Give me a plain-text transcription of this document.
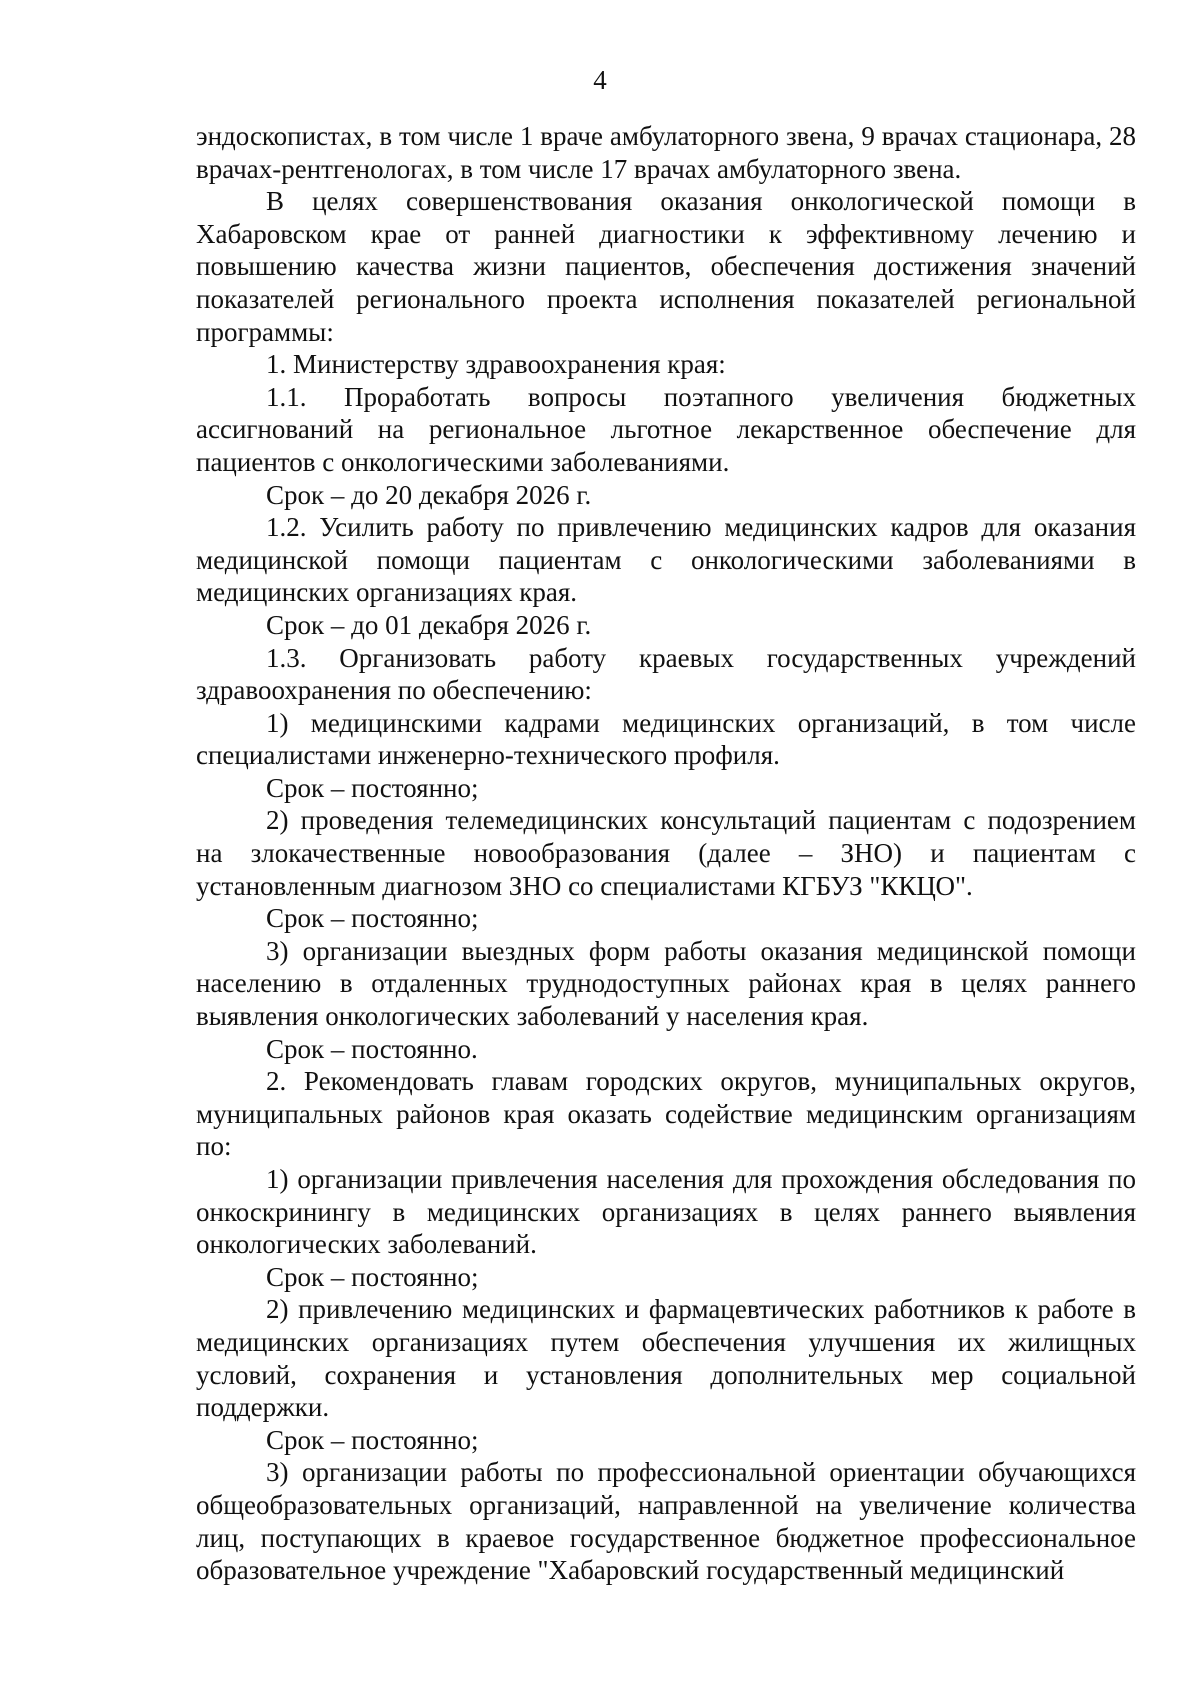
4

эндоскопистах, в том числе 1 враче амбулаторного звена, 9 врачах стационара, 28 врачах-рентгенологах, в том числе 17 врачах амбулаторного звена.

В целях совершенствования оказания онкологической помощи в Хабаровском крае от ранней диагностики к эффективному лечению и повышению качества жизни пациентов, обеспечения достижения значений показателей регионального проекта исполнения показателей региональной программы:

1. Министерству здравоохранения края:

1.1. Проработать вопросы поэтапного увеличения бюджетных ассигнований на региональное льготное лекарственное обеспечение для пациентов с онкологическими заболеваниями.

Срок – до 20 декабря 2026 г.

1.2. Усилить работу по привлечению медицинских кадров для оказания медицинской помощи пациентам с онкологическими заболеваниями в медицинских организациях края.

Срок – до 01 декабря 2026 г.

1.3. Организовать работу краевых государственных учреждений здравоохранения по обеспечению:

1) медицинскими кадрами медицинских организаций, в том числе специалистами инженерно-технического профиля.

Срок – постоянно;

2) проведения телемедицинских консультаций пациентам с подозрением на злокачественные новообразования (далее – ЗНО) и пациентам с установленным диагнозом ЗНО со специалистами КГБУЗ "ККЦО".

Срок – постоянно;

3) организации выездных форм работы оказания медицинской помощи населению в отдаленных труднодоступных районах края в целях раннего выявления онкологических заболеваний у населения края.

Срок – постоянно.

2. Рекомендовать главам городских округов, муниципальных округов, муниципальных районов края оказать содействие медицинским организациям по:

1) организации привлечения населения для прохождения обследования по онкоскринингу в медицинских организациях в целях раннего выявления онкологических заболеваний.

Срок – постоянно;

2) привлечению медицинских и фармацевтических работников к работе в медицинских организациях путем обеспечения улучшения их жилищных условий, сохранения и установления дополнительных мер социальной поддержки.

Срок – постоянно;

3) организации работы по профессиональной ориентации обучающихся общеобразовательных организаций, направленной на увеличение количества лиц, поступающих в краевое государственное бюджетное профессиональное образовательное учреждение "Хабаровский государственный медицинский
